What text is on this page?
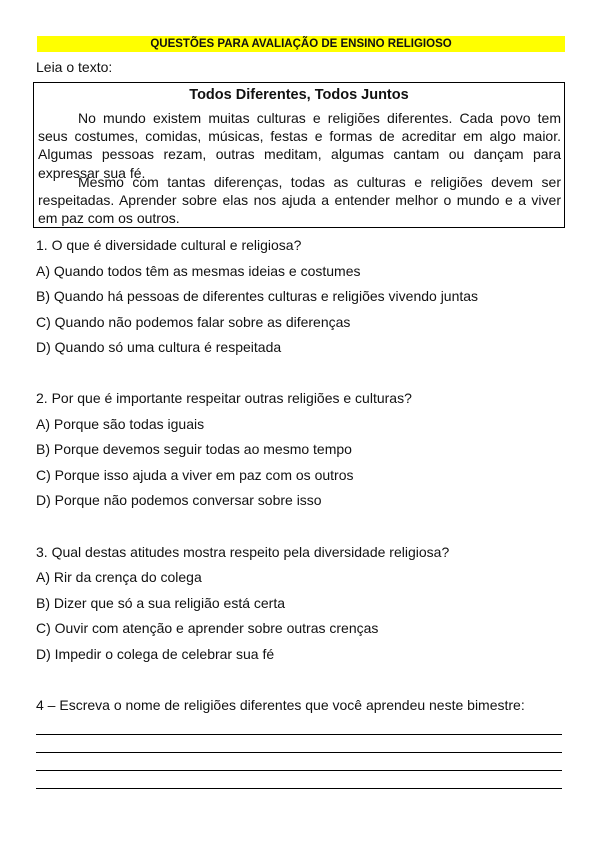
QUESTÕES PARA AVALIAÇÃO DE ENSINO RELIGIOSO
Leia o texto:
Todos Diferentes, Todos Juntos

No mundo existem muitas culturas e religiões diferentes. Cada povo tem seus costumes, comidas, músicas, festas e formas de acreditar em algo maior. Algumas pessoas rezam, outras meditam, algumas cantam ou dançam para expressar sua fé.

Mesmo com tantas diferenças, todas as culturas e religiões devem ser respeitadas. Aprender sobre elas nos ajuda a entender melhor o mundo e a viver em paz com os outros.

1. O que é diversidade cultural e religiosa?
A) Quando todos têm as mesmas ideias e costumes
B) Quando há pessoas de diferentes culturas e religiões vivendo juntas
C) Quando não podemos falar sobre as diferenças
D) Quando só uma cultura é respeitada
2. Por que é importante respeitar outras religiões e culturas?
A) Porque são todas iguais
B) Porque devemos seguir todas ao mesmo tempo
C) Porque isso ajuda a viver em paz com os outros
D) Porque não podemos conversar sobre isso
3. Qual destas atitudes mostra respeito pela diversidade religiosa?
A) Rir da crença do colega
B) Dizer que só a sua religião está certa
C) Ouvir com atenção e aprender sobre outras crenças
D) Impedir o colega de celebrar sua fé
4 – Escreva o nome de religiões diferentes que você aprendeu neste bimestre:
